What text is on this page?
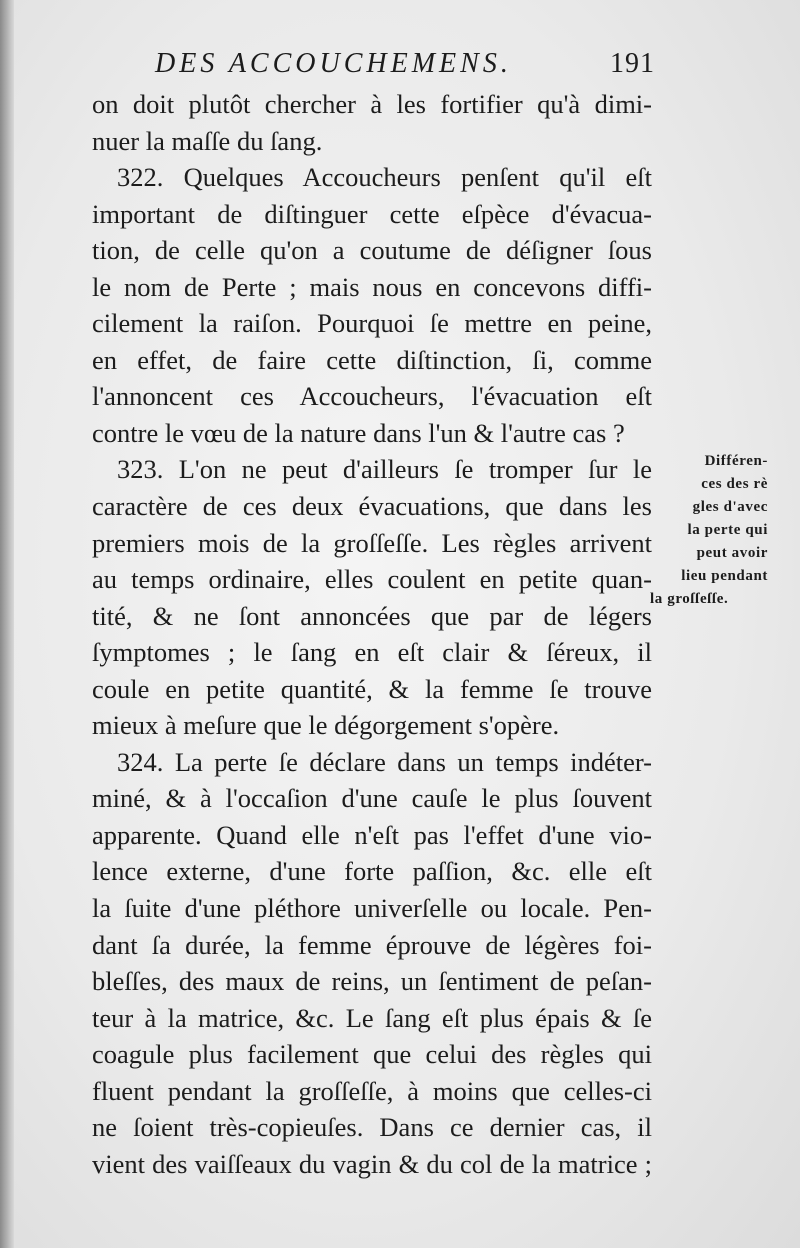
DES ACCOUCHEMENS.	191
on doit plutôt chercher à les fortifier qu'à dimi-
nuer la maſſe du ſang.
322. Quelques Accoucheurs penſent qu'il eſt
important de diſtinguer cette eſpèce d'évacua-
tion, de celle qu'on a coutume de déſigner ſous
le nom de Perte ; mais nous en concevons diffi-
cilement la raiſon. Pourquoi ſe mettre en peine,
en effet, de faire cette diſtinction, ſi, comme
l'annoncent ces Accoucheurs, l'évacuation eſt
contre le vœu de la nature dans l'un & l'autre cas ?
323. L'on ne peut d'ailleurs ſe tromper ſur le
caractère de ces deux évacuations, que dans les
premiers mois de la groſſeſſe. Les règles arrivent
au temps ordinaire, elles coulent en petite quan-
tité, & ne ſont annoncées que par de légers
ſymptomes ; le ſang en eſt clair & ſéreux, il
coule en petite quantité, & la femme ſe trouve
mieux à meſure que le dégorgement s'opère.
324. La perte ſe déclare dans un temps indéter-
miné, & à l'occaſion d'une cauſe le plus ſouvent
apparente. Quand elle n'eſt pas l'effet d'une vio-
lence externe, d'une forte paſſion, &c. elle eſt
la ſuite d'une pléthore univerſelle ou locale. Pen-
dant ſa durée, la femme éprouve de légères foi-
bleſſes, des maux de reins, un ſentiment de peſan-
teur à la matrice, &c. Le ſang eſt plus épais & ſe
coagule plus facilement que celui des règles qui
fluent pendant la groſſeſſe, à moins que celles-ci
ne ſoient très-copieuſes. Dans ce dernier cas, il
vient des vaiſſeaux du vagin & du col de la matrice ;
Différen-
ces des rè
gles d'avec
la perte qui
peut avoir
lieu pendant
la groſſeſſe.
